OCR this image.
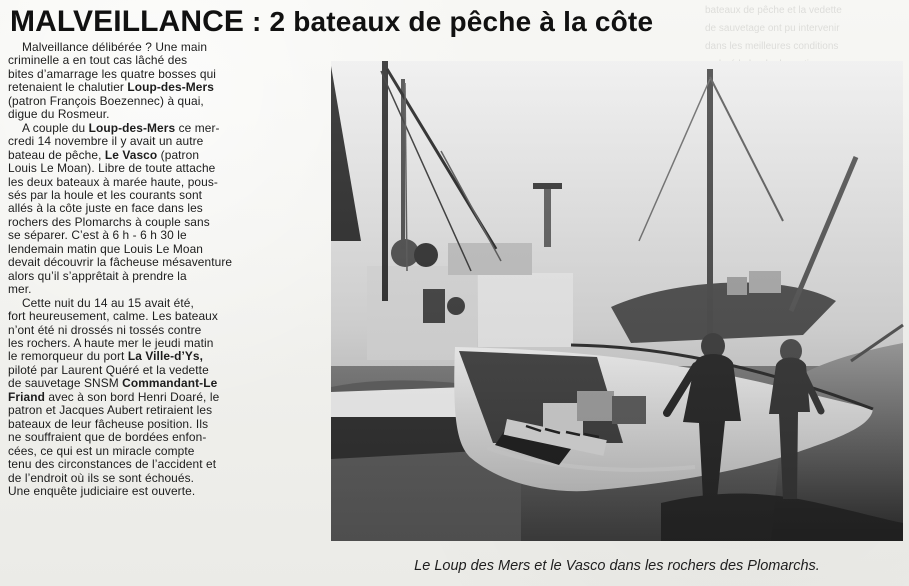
MALVEILLANCE : 2 bateaux de pêche à la côte	bateaux de pêche et la vedette de sauvetage ont pu intervenir dans les meilleures conditions
Malveillance délibérée ? Une main
criminelle a en tout cas lâché des
bites d’amarrage les quatre bosses qui
retenaient le chalutier Loup-des-Mers
(patron François Boezennec) à quai,
digue du Rosmeur.
A couple du Loup-des-Mers ce mer-
credi 14 novembre il y avait un autre
bateau de pêche, Le Vasco (patron
Louis Le Moan). Libre de toute attache
les deux bateaux à marée haute, pous-
sés par la houle et les courants sont
allés à la côte juste en face dans les
rochers des Plomarchs à couple sans
se séparer. C’est à 6 h - 6 h 30 le
lendemain matin que Louis Le Moan
devait découvrir la fâcheuse mésaventure
alors qu’il s’apprêtait à prendre la
mer.
Cette nuit du 14 au 15 avait été,
fort heureusement, calme. Les bateaux
n’ont été ni drossés ni tossés contre
les rochers. A haute mer le jeudi matin
le remorqueur du port La Ville-d’Ys,
piloté par Laurent Quéré et la vedette
de sauvetage SNSM Commandant-Le
Friand avec à son bord Henri Doaré, le
patron et Jacques Aubert retiraient les
bateaux de leur fâcheuse position. Ils
ne souffraient que de bordées enfon-
cées, ce qui est un miracle compte
tenu des circonstances de l’accident et
de l’endroit où ils se sont échoués.
Une enquête judiciaire est ouverte.
Le Loup des Mers et le Vasco dans les rochers des Plomarchs.
